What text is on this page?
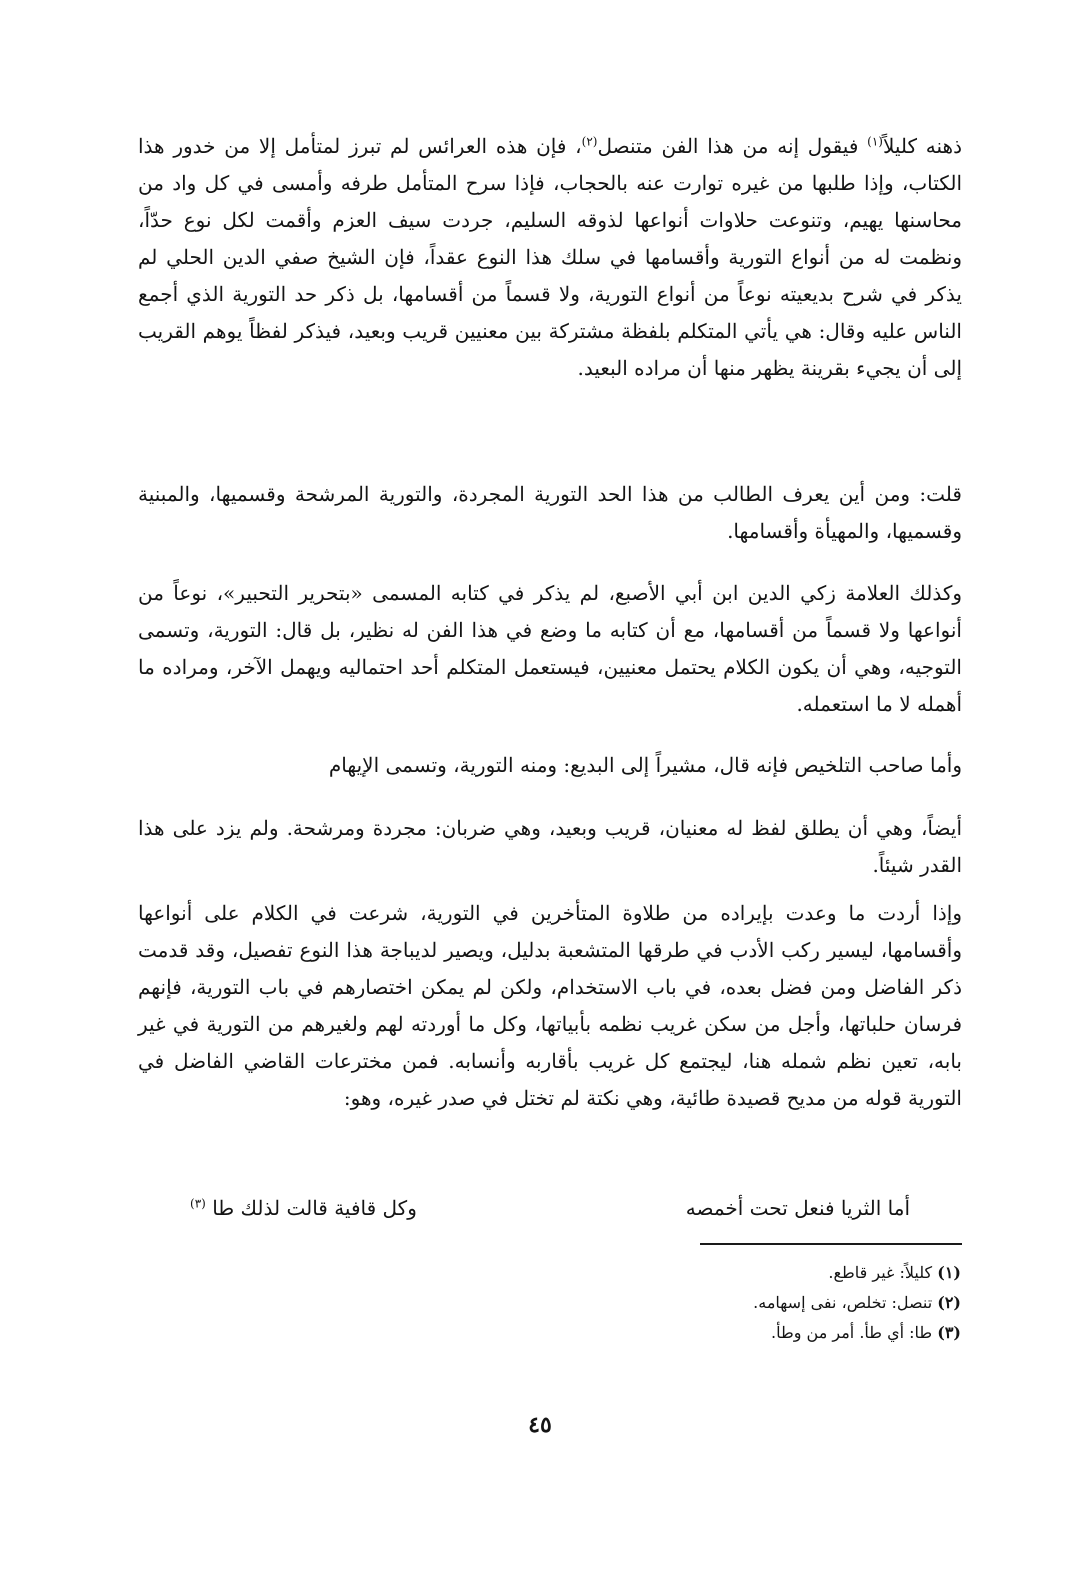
ذهنه كليلاً$^{(١)}$ فيقول إنه من هذا الفن متنصل$^{(٢)}$، فإن هذه العرائس لم تبرز لمتأمل إلا من خدور هذا الكتاب، وإذا طلبها من غيره توارت عنه بالحجاب، فإذا سرح المتأمل طرفه وأمسى في كل واد من محاسنها يهيم، وتنوعت حلاوات أنواعها لذوقه السليم، جردت سيف العزم وأقمت لكل نوع حدّاً، ونظمت له من أنواع التورية وأقسامها في سلك هذا النوع عقداً، فإن الشيخ صفي الدين الحلي لم يذكر في شرح بديعيته نوعاً من أنواع التورية، ولا قسماً من أقسامها، بل ذكر حد التورية الذي أجمع الناس عليه وقال: هي يأتي المتكلم بلفظة مشتركة بين معنيين قريب وبعيد، فيذكر لفظاً يوهم القريب إلى أن يجيء بقرينة يظهر منها أن مراده البعيد.

قلت: ومن أين يعرف الطالب من هذا الحد التورية المجردة، والتورية المرشحة وقسميها، والمبنية وقسميها، والمهيأة وأقسامها.

وكذلك العلامة زكي الدين ابن أبي الأصبع، لم يذكر في كتابه المسمى «بتحرير التحبير»، نوعاً من أنواعها ولا قسماً من أقسامها، مع أن كتابه ما وضع في هذا الفن له نظير، بل قال: التورية، وتسمى التوجيه، وهي أن يكون الكلام يحتمل معنيين، فيستعمل المتكلم أحد احتماليه ويهمل الآخر، ومراده ما أهمله لا ما استعمله.

وأما صاحب التلخيص فإنه قال، مشيراً إلى البديع: ومنه التورية، وتسمى الإيهام

أيضاً، وهي أن يطلق لفظ له معنيان، قريب وبعيد، وهي ضربان: مجردة ومرشحة. ولم يزد على هذا القدر شيئاً.

وإذا أردت ما وعدت بإيراده من طلاوة المتأخرين في التورية، شرعت في الكلام على أنواعها وأقسامها، ليسير ركب الأدب في طرقها المتشعبة بدليل، ويصير لديباجة هذا النوع تفصيل، وقد قدمت ذكر الفاضل ومن فضل بعده، في باب الاستخدام، ولكن لم يمكن اختصارهم في باب التورية، فإنهم فرسان حلباتها، وأجل من سكن غريب نظمه بأبياتها، وكل ما أوردته لهم ولغيرهم من التورية في غير بابه، تعين نظم شمله هنا، ليجتمع كل غريب بأقاربه وأنسابه. فمن مخترعات القاضي الفاضل في التورية قوله من مديح قصيدة طائية، وهي نكتة لم تختل في صدر غيره، وهو:

أما الثريا فنعل تحت أخمصه
وكل قافية قالت لذلك طا $^{(٣)}$
(١) كليلاً: غير قاطع.
(٢) تنصل: تخلص، نفى إسهامه.
(٣) طا: أي طأ. أمر من وطأ.
٤٥
